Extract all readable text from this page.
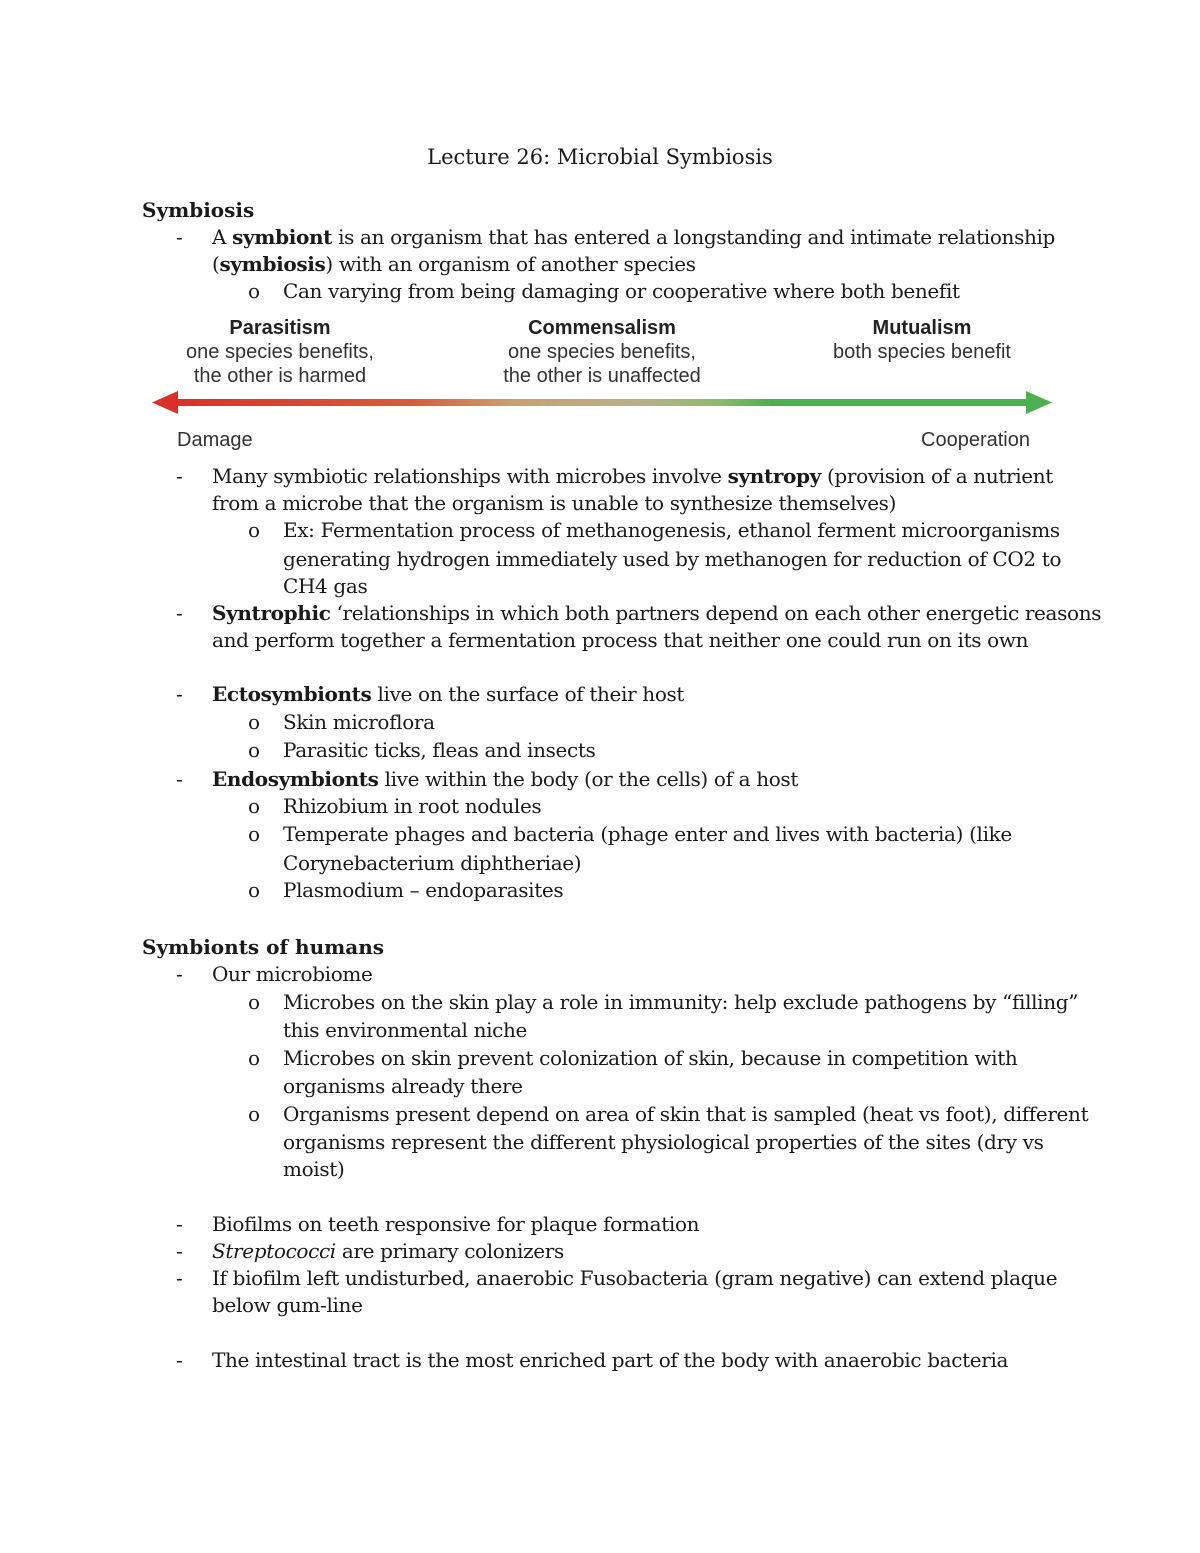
Lecture 26: Microbial Symbiosis
Symbiosis
- A symbiont is an organism that has entered a longstanding and intimate relationship
(symbiosis) with an organism of another species
o Can varying from being damaging or cooperative where both benefit
Parasitism
one species benefits,
the other is harmed
Commensalism
one species benefits,
the other is unaffected
Mutualism
both species benefit
Damage	Cooperation
- Many symbiotic relationships with microbes involve syntropy (provision of a nutrient
from a microbe that the organism is unable to synthesize themselves)
o Ex: Fermentation process of methanogenesis, ethanol ferment microorganisms
generating hydrogen immediately used by methanogen for reduction of CO2 to
CH4 gas
- Syntrophic ‘relationships in which both partners depend on each other energetic reasons
and perform together a fermentation process that neither one could run on its own
- Ectosymbionts live on the surface of their host
o Skin microflora
o Parasitic ticks, fleas and insects
- Endosymbionts live within the body (or the cells) of a host
o Rhizobium in root nodules
o Temperate phages and bacteria (phage enter and lives with bacteria) (like
Corynebacterium diphtheriae)
o Plasmodium – endoparasites
Symbionts of humans
- Our microbiome
o Microbes on the skin play a role in immunity: help exclude pathogens by “filling”
this environmental niche
o Microbes on skin prevent colonization of skin, because in competition with
organisms already there
o Organisms present depend on area of skin that is sampled (heat vs foot), different
organisms represent the different physiological properties of the sites (dry vs
moist)
- Biofilms on teeth responsive for plaque formation
- Streptococci are primary colonizers
- If biofilm left undisturbed, anaerobic Fusobacteria (gram negative) can extend plaque
below gum-line
- The intestinal tract is the most enriched part of the body with anaerobic bacteria
